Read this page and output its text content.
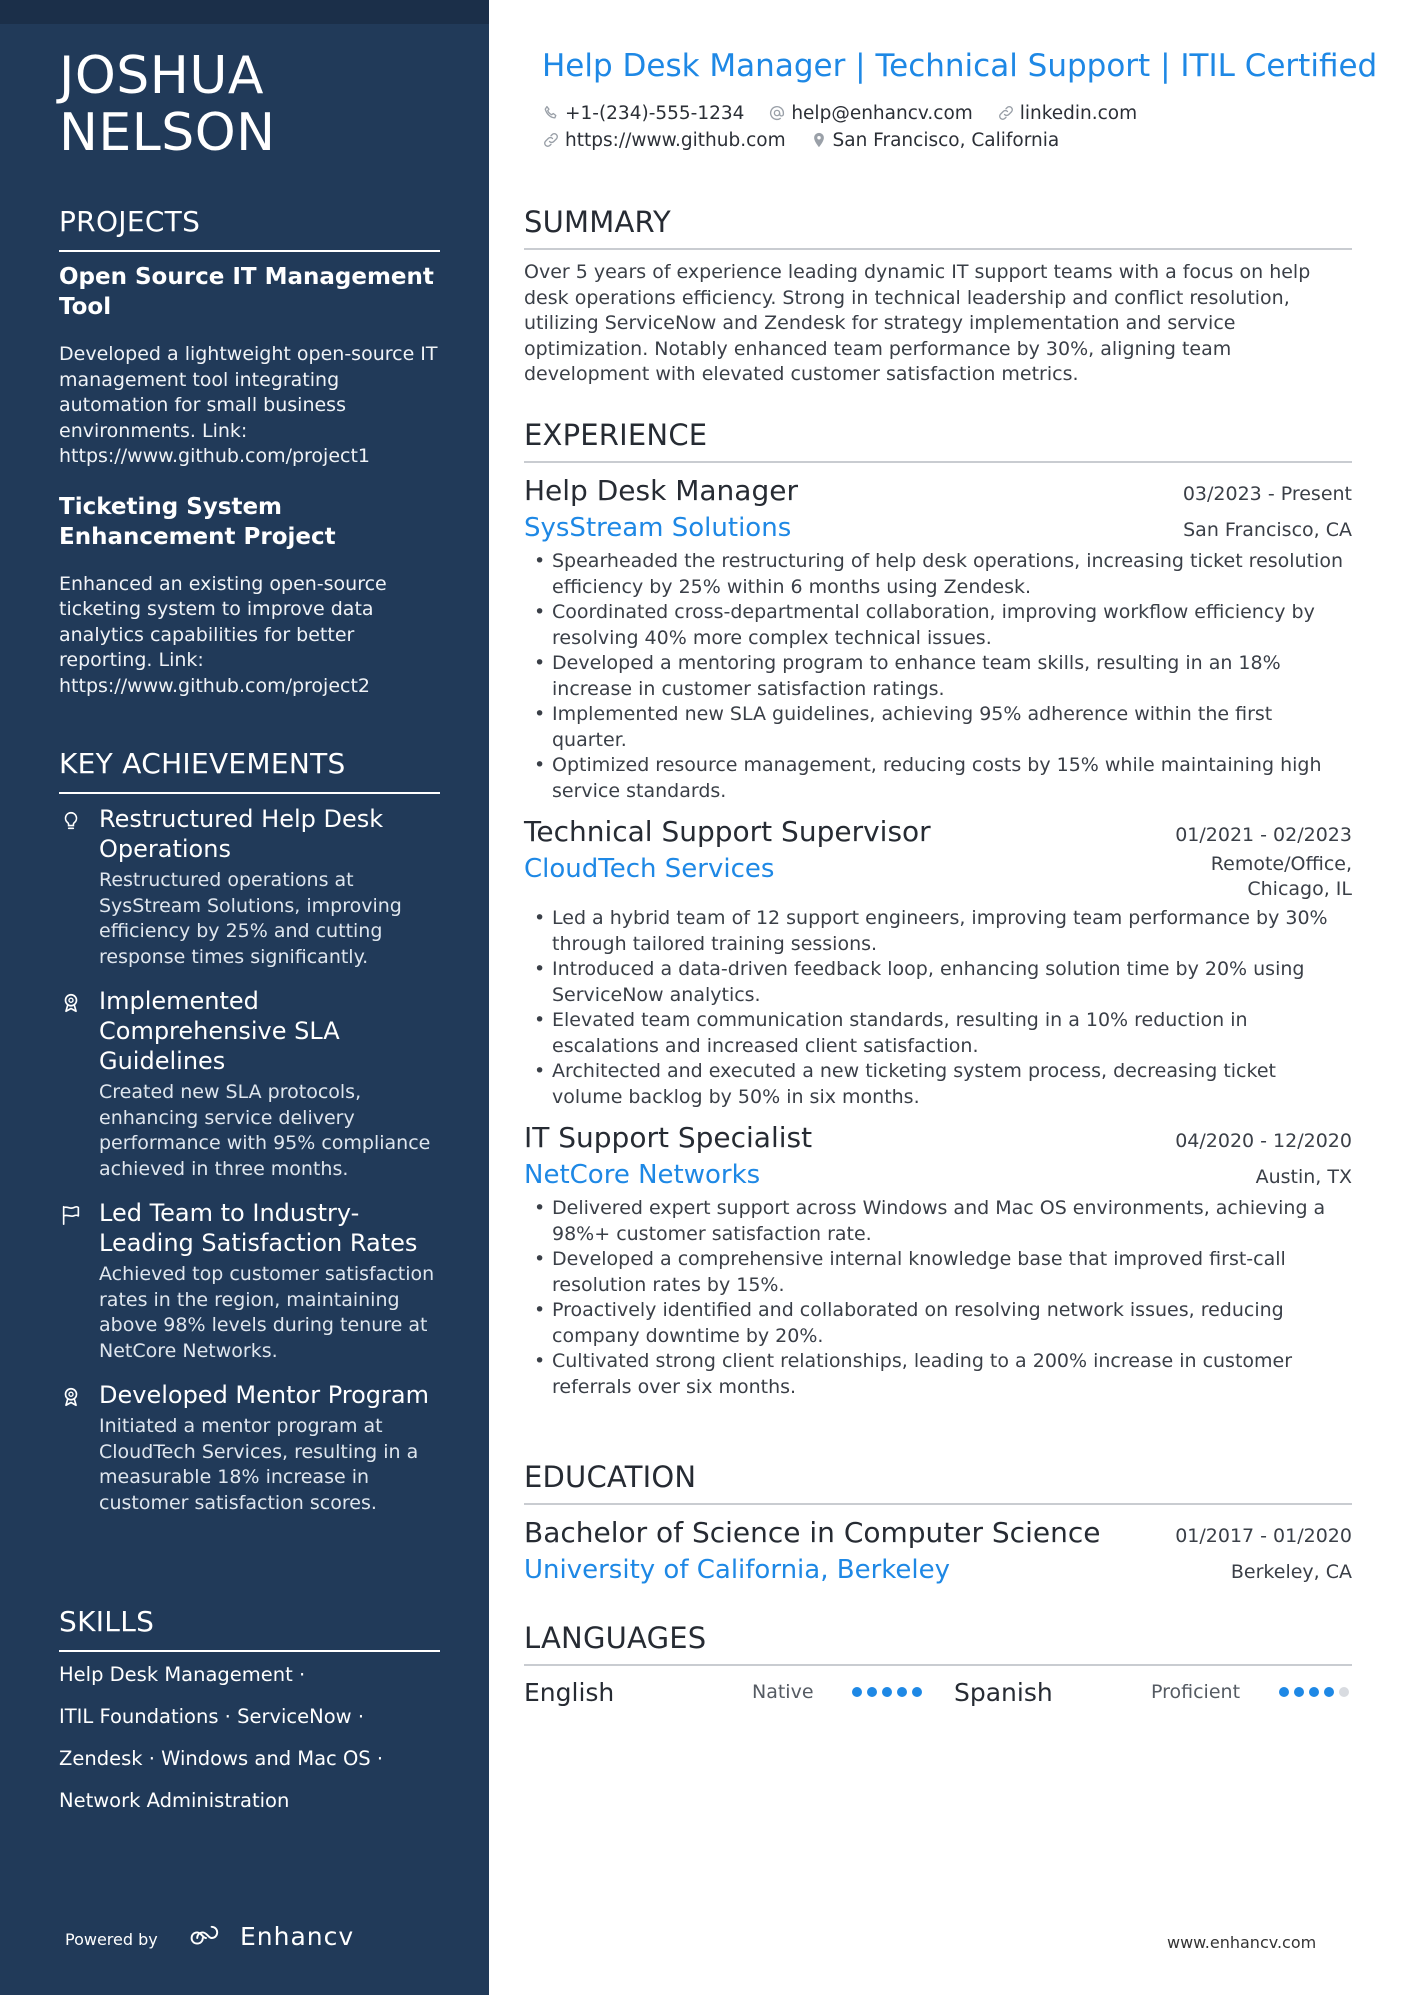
JOSHUA
NELSON
PROJECTS
Open Source IT Management Tool
Developed a lightweight open-source IT management tool integrating automation for small business environments. Link: https://www.github.com/project1
Ticketing System Enhancement Project
Enhanced an existing open-source ticketing system to improve data analytics capabilities for better reporting. Link: https://www.github.com/project2
KEY ACHIEVEMENTS
Restructured Help Desk Operations
Restructured operations at SysStream Solutions, improving efficiency by 25% and cutting response times significantly.
Implemented Comprehensive SLA Guidelines
Created new SLA protocols, enhancing service delivery performance with 95% compliance achieved in three months.
Led Team to Industry-Leading Satisfaction Rates
Achieved top customer satisfaction rates in the region, maintaining above 98% levels during tenure at NetCore Networks.
Developed Mentor Program
Initiated a mentor program at CloudTech Services, resulting in a measurable 18% increase in customer satisfaction scores.
SKILLS
Help Desk Management ·
ITIL Foundations · ServiceNow ·
Zendesk · Windows and Mac OS ·
Network Administration
Powered by	Enhancv
Help Desk Manager | Technical Support | ITIL Certified
+1-(234)-555-1234	help@enhancv.com	linkedin.com
https://www.github.com	San Francisco, California
SUMMARY
Over 5 years of experience leading dynamic IT support teams with a focus on help desk operations efficiency. Strong in technical leadership and conflict resolution, utilizing ServiceNow and Zendesk for strategy implementation and service optimization. Notably enhanced team performance by 30%, aligning team development with elevated customer satisfaction metrics.
EXPERIENCE
Help Desk Manager	03/2023 - Present
SysStream Solutions	San Francisco, CA
• Spearheaded the restructuring of help desk operations, increasing ticket resolution efficiency by 25% within 6 months using Zendesk.
• Coordinated cross-departmental collaboration, improving workflow efficiency by resolving 40% more complex technical issues.
• Developed a mentoring program to enhance team skills, resulting in an 18% increase in customer satisfaction ratings.
• Implemented new SLA guidelines, achieving 95% adherence within the first quarter.
• Optimized resource management, reducing costs by 15% while maintaining high service standards.
Technical Support Supervisor	01/2021 - 02/2023
CloudTech Services	Remote/Office,
Chicago, IL
• Led a hybrid team of 12 support engineers, improving team performance by 30% through tailored training sessions.
• Introduced a data-driven feedback loop, enhancing solution time by 20% using ServiceNow analytics.
• Elevated team communication standards, resulting in a 10% reduction in escalations and increased client satisfaction.
• Architected and executed a new ticketing system process, decreasing ticket volume backlog by 50% in six months.
IT Support Specialist	04/2020 - 12/2020
NetCore Networks	Austin, TX
• Delivered expert support across Windows and Mac OS environments, achieving a 98%+ customer satisfaction rate.
• Developed a comprehensive internal knowledge base that improved first-call resolution rates by 15%.
• Proactively identified and collaborated on resolving network issues, reducing company downtime by 20%.
• Cultivated strong client relationships, leading to a 200% increase in customer referrals over six months.
EDUCATION
Bachelor of Science in Computer Science	01/2017 - 01/2020
University of California, Berkeley	Berkeley, CA
LANGUAGES
English	Native	Spanish	Proficient
www.enhancv.com
